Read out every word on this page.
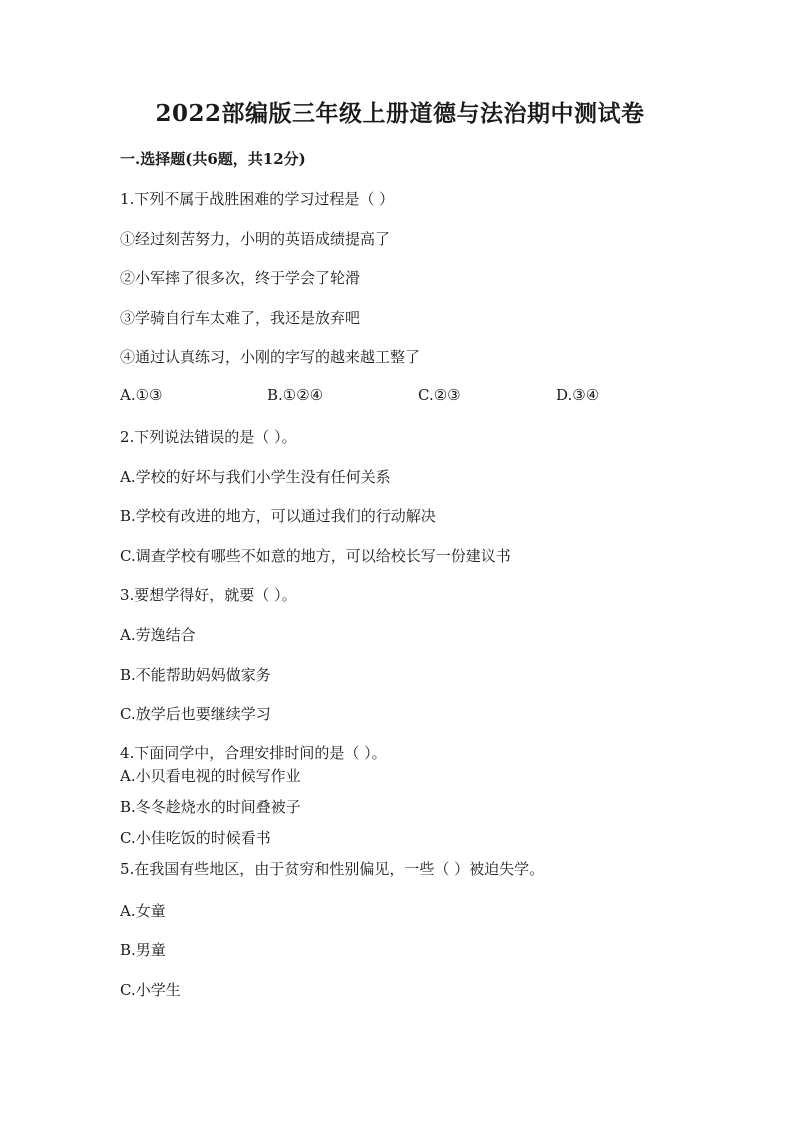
2022部编版三年级上册道德与法治期中测试卷
一.选择题(共6题，共12分)
1.下列不属于战胜困难的学习过程是（ ）
①经过刻苦努力，小明的英语成绩提高了
②小军摔了很多次，终于学会了轮滑
③学骑自行车太难了，我还是放弃吧
④通过认真练习，小刚的字写的越来越工整了
A.①③	B.①②④	C.②③	D.③④
2.下列说法错误的是（ ）。
A.学校的好坏与我们小学生没有任何关系
B.学校有改进的地方，可以通过我们的行动解决
C.调查学校有哪些不如意的地方，可以给校长写一份建议书
3.要想学得好，就要（ ）。
A.劳逸结合
B.不能帮助妈妈做家务
C.放学后也要继续学习
4.下面同学中，合理安排时间的是（ ）。
A.小贝看电视的时候写作业
B.冬冬趁烧水的时间叠被子
C.小佳吃饭的时候看书
5.在我国有些地区，由于贫穷和性别偏见，一些（ ）被迫失学。
A.女童
B.男童
C.小学生
